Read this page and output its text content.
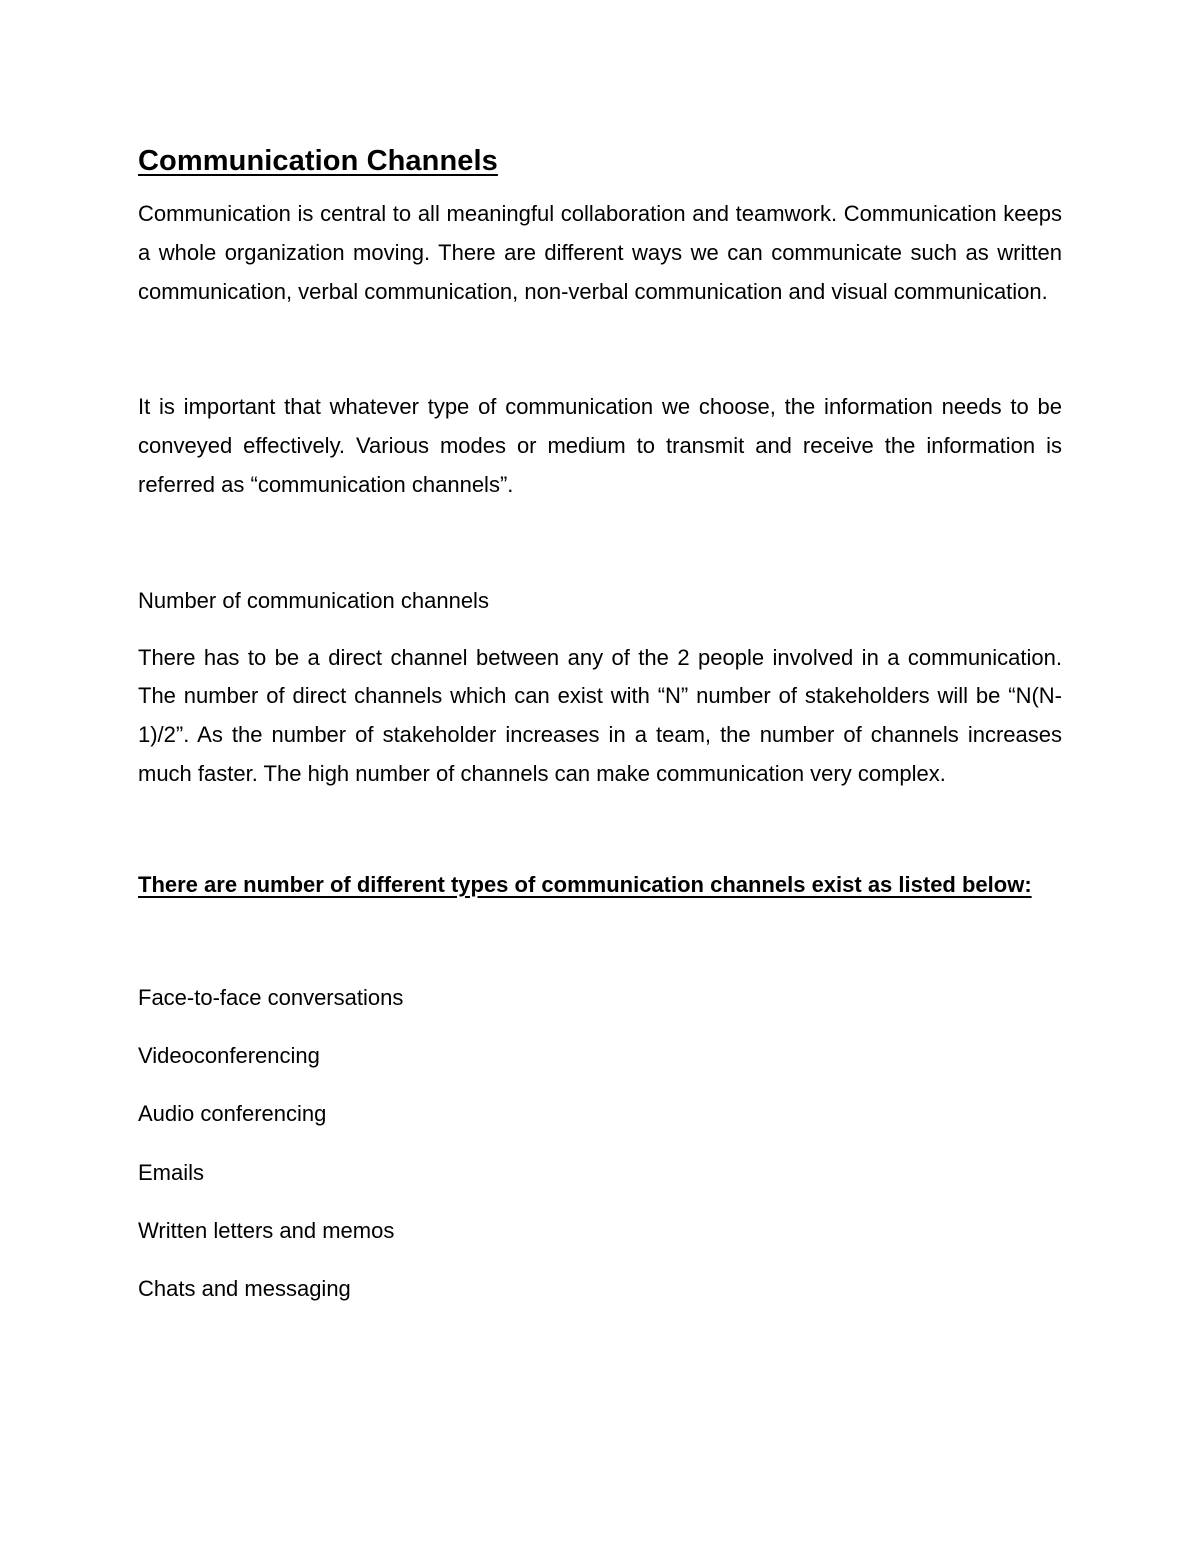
Communication Channels

Communication is central to all meaningful collaboration and teamwork. Communication keeps a whole organization moving. There are different ways we can communicate such as written communication, verbal communication, non-verbal communication and visual communication.

It is important that whatever type of communication we choose, the information needs to be conveyed effectively. Various modes or medium to transmit and receive the information is referred as “communication channels”.

Number of communication channels

There has to be a direct channel between any of the 2 people involved in a communication. The number of direct channels which can exist with “N” number of stakeholders will be “N(N-1)/2”. As the number of stakeholder increases in a team, the number of channels increases much faster. The high number of channels can make communication very complex.

There are number of different types of communication channels exist as listed below:

Face-to-face conversations
Videoconferencing
Audio conferencing
Emails
Written letters and memos
Chats and messaging
